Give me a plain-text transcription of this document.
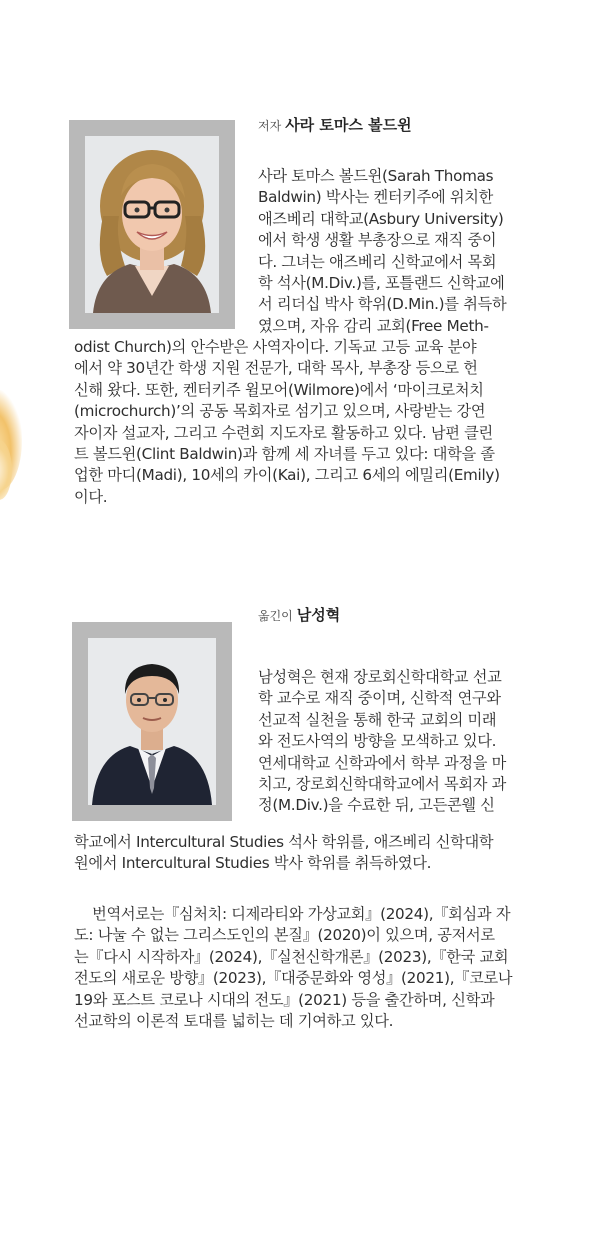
저자 사라 토마스 볼드윈
사라 토마스 볼드윈(Sarah Thomas
Baldwin) 박사는 켄터키주에 위치한
애즈베리 대학교(Asbury University)
에서 학생 생활 부총장으로 재직 중이
다. 그녀는 애즈베리 신학교에서 목회
학 석사(M.Div.)를, 포틀랜드 신학교에
서 리더십 박사 학위(D.Min.)를 취득하
였으며, 자유 감리 교회(Free Meth-
odist Church)의 안수받은 사역자이다. 기독교 고등 교육 분야
에서 약 30년간 학생 지원 전문가, 대학 목사, 부총장 등으로 헌
신해 왔다. 또한, 켄터키주 윌모어(Wilmore)에서 ‘마이크로처치
(microchurch)’의 공동 목회자로 섬기고 있으며, 사랑받는 강연
자이자 설교자, 그리고 수련회 지도자로 활동하고 있다. 남편 클린
트 볼드윈(Clint Baldwin)과 함께 세 자녀를 두고 있다: 대학을 졸
업한 마디(Madi), 10세의 카이(Kai), 그리고 6세의 에밀리(Emily)
이다.
옮긴이 남성혁
남성혁은 현재 장로회신학대학교 선교
학 교수로 재직 중이며, 신학적 연구와
선교적 실천을 통해 한국 교회의 미래
와 전도사역의 방향을 모색하고 있다.
연세대학교 신학과에서 학부 과정을 마
치고, 장로회신학대학교에서 목회자 과
정(M.Div.)을 수료한 뒤, 고든콘웰 신
학교에서 Intercultural Studies 석사 학위를, 애즈베리 신학대학
원에서 Intercultural Studies 박사 학위를 취득하였다.
번역서로는『심처치: 디제라티와 가상교회』(2024),『회심과 자
도: 나눌 수 없는 그리스도인의 본질』(2020)이 있으며, 공저서로
는『다시 시작하자』(2024),『실천신학개론』(2023),『한국 교회
전도의 새로운 방향』(2023),『대중문화와 영성』(2021),『코로나
19와 포스트 코로나 시대의 전도』(2021) 등을 출간하며, 신학과
선교학의 이론적 토대를 넓히는 데 기여하고 있다.
